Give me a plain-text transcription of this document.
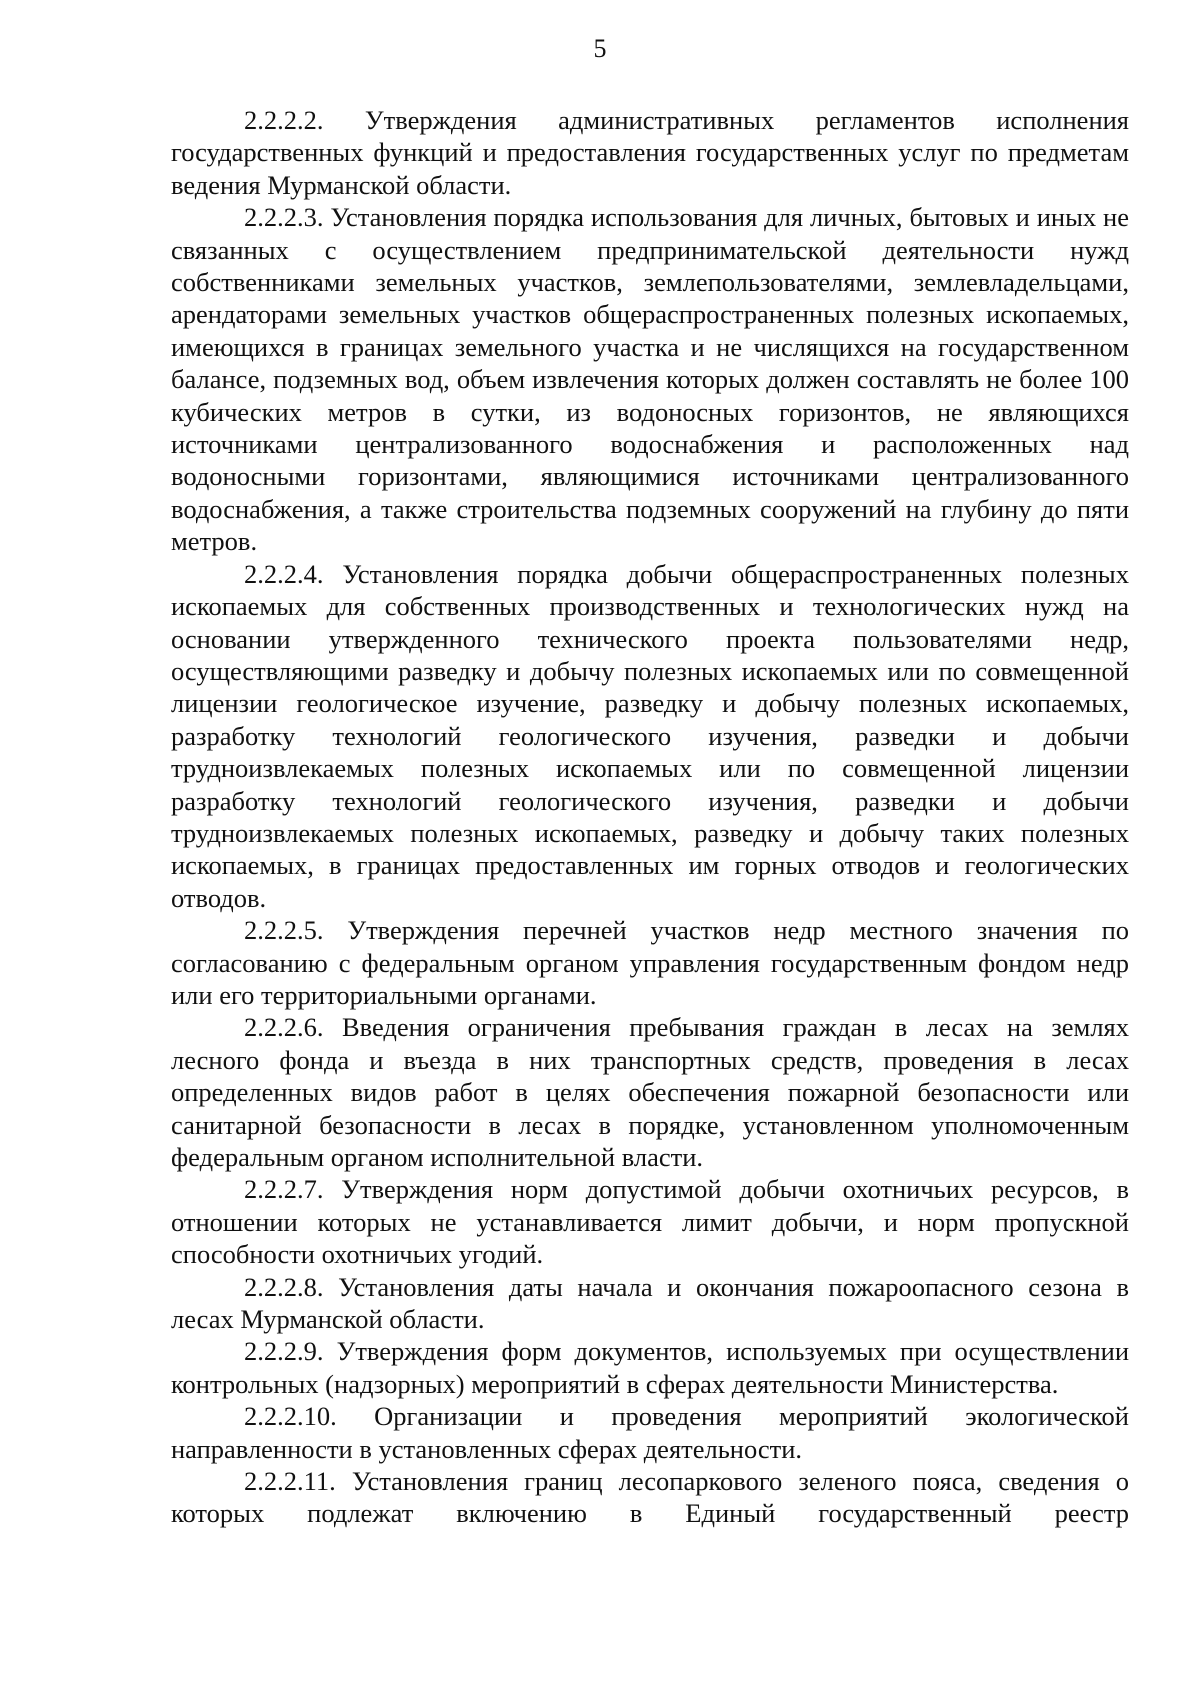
5

2.2.2.2. Утверждения административных регламентов исполнения государственных функций и предоставления государственных услуг по предметам ведения Мурманской области.

2.2.2.3. Установления порядка использования для личных, бытовых и иных не связанных с осуществлением предпринимательской деятельности нужд собственниками земельных участков, землепользователями, землевладельцами, арендаторами земельных участков общераспространенных полезных ископаемых, имеющихся в границах земельного участка и не числящихся на государственном балансе, подземных вод, объем извлечения которых должен составлять не более 100 кубических метров в сутки, из водоносных горизонтов, не являющихся источниками централизованного водоснабжения и расположенных над водоносными горизонтами, являющимися источниками централизованного водоснабжения, а также строительства подземных сооружений на глубину до пяти метров.

2.2.2.4. Установления порядка добычи общераспространенных полезных ископаемых для собственных производственных и технологических нужд на основании утвержденного технического проекта пользователями недр, осуществляющими разведку и добычу полезных ископаемых или по совмещенной лицензии геологическое изучение, разведку и добычу полезных ископаемых, разработку технологий геологического изучения, разведки и добычи трудноизвлекаемых полезных ископаемых или по совмещенной лицензии разработку технологий геологического изучения, разведки и добычи трудноизвлекаемых полезных ископаемых, разведку и добычу таких полезных ископаемых, в границах предоставленных им горных отводов и геологических отводов.

2.2.2.5. Утверждения перечней участков недр местного значения по согласованию с федеральным органом управления государственным фондом недр или его территориальными органами.

2.2.2.6. Введения ограничения пребывания граждан в лесах на землях лесного фонда и въезда в них транспортных средств, проведения в лесах определенных видов работ в целях обеспечения пожарной безопасности или санитарной безопасности в лесах в порядке, установленном уполномоченным федеральным органом исполнительной власти.

2.2.2.7. Утверждения норм допустимой добычи охотничьих ресурсов, в отношении которых не устанавливается лимит добычи, и норм пропускной способности охотничьих угодий.

2.2.2.8. Установления даты начала и окончания пожароопасного сезона в лесах Мурманской области.

2.2.2.9. Утверждения форм документов, используемых при осуществлении контрольных (надзорных) мероприятий в сферах деятельности Министерства.

2.2.2.10. Организации и проведения мероприятий экологической направленности в установленных сферах деятельности.

2.2.2.11. Установления границ лесопаркового зеленого пояса, сведения о которых подлежат включению в Единый государственный реестр
